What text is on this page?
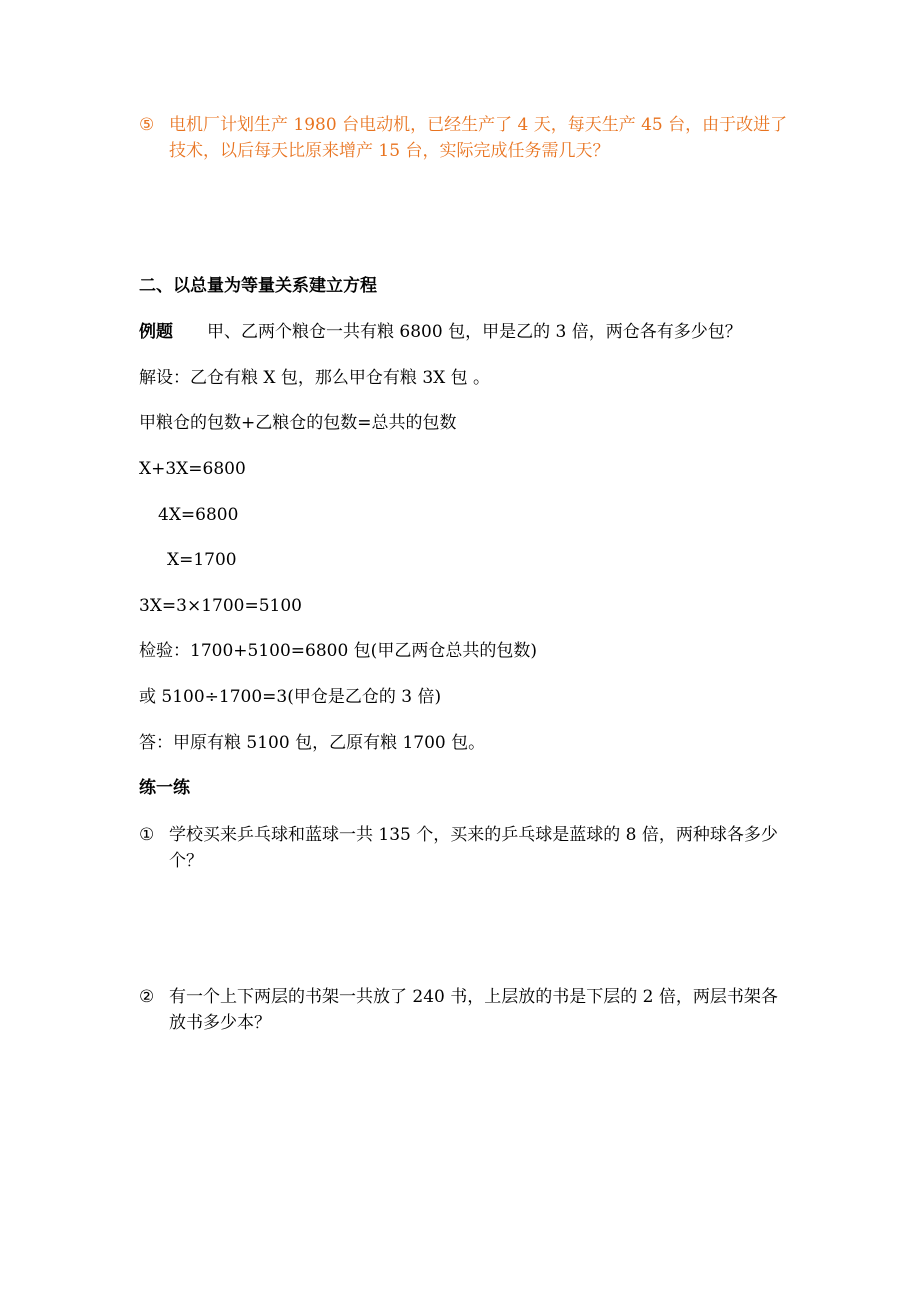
⑤ 电机厂计划生产 1980 台电动机，已经生产了 4 天，每天生产 45 台，由于改进了技术，以后每天比原来增产 15 台，实际完成任务需几天？
二、以总量为等量关系建立方程
例题 甲、乙两个粮仓一共有粮 6800 包，甲是乙的 3 倍，两仓各有多少包？
解设：乙仓有粮 X 包，那么甲仓有粮 3X 包 。
甲粮仓的包数+乙粮仓的包数=总共的包数
X+3X=6800
4X=6800
X=1700
3X=3×1700=5100
检验：1700+5100=6800 包(甲乙两仓总共的包数)
或 5100÷1700=3(甲仓是乙仓的 3 倍)
答：甲原有粮 5100 包，乙原有粮 1700 包。
练一练
① 学校买来乒乓球和蓝球一共 135 个，买来的乒乓球是蓝球的 8 倍，两种球各多少个？
② 有一个上下两层的书架一共放了 240 书，上层放的书是下层的 2 倍，两层书架各放书多少本？
